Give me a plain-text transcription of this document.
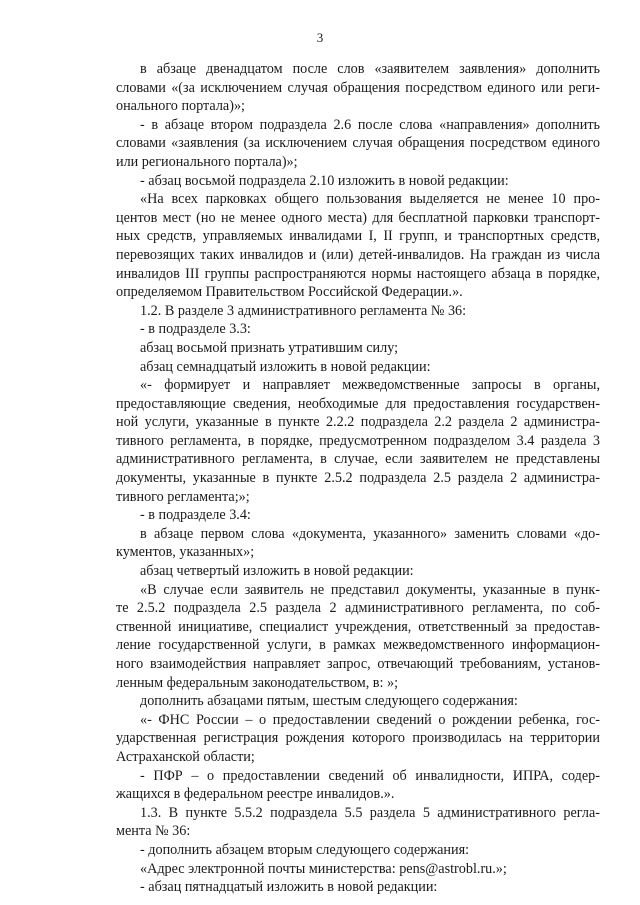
3

в абзаце двенадцатом после слов «заявителем заявления» дополнить
словами «(за исключением случая обращения посредством единого или реги-
онального портала)»;

- в абзаце втором подраздела 2.6 после слова «направления» дополнить
словами «заявления (за исключением случая обращения посредством единого
или регионального портала)»;

- абзац восьмой подраздела 2.10 изложить в новой редакции:

«На всех парковках общего пользования выделяется не менее 10 про-
центов мест (но не менее одного места) для бесплатной парковки транспорт-
ных средств, управляемых инвалидами I, II групп, и транспортных средств,
перевозящих таких инвалидов и (или) детей-инвалидов. На граждан из числа
инвалидов III группы распространяются нормы настоящего абзаца в порядке,
определяемом Правительством Российской Федерации.».

1.2. В разделе 3 административного регламента № 36:

- в подразделе 3.3:

абзац восьмой признать утратившим силу;

абзац семнадцатый изложить в новой редакции:

«- формирует и направляет межведомственные запросы в органы,
предоставляющие сведения, необходимые для предоставления государствен-
ной услуги, указанные в пункте 2.2.2 подраздела 2.2 раздела 2 администра-
тивного регламента, в порядке, предусмотренном подразделом 3.4 раздела 3
административного регламента, в случае, если заявителем не представлены
документы, указанные в пункте 2.5.2 подраздела 2.5 раздела 2 администра-
тивного регламента;»;

- в подразделе 3.4:

в абзаце первом слова «документа, указанного» заменить словами «до-
кументов, указанных»;

абзац четвертый изложить в новой редакции:

«В случае если заявитель не представил документы, указанные в пунк-
те 2.5.2 подраздела 2.5 раздела 2 административного регламента, по соб-
ственной инициативе, специалист учреждения, ответственный за предостав-
ление государственной услуги, в рамках межведомственного информацион-
ного взаимодействия направляет запрос, отвечающий требованиям, установ-
ленным федеральным законодательством, в: »;

дополнить абзацами пятым, шестым следующего содержания:

«- ФНС России – о предоставлении сведений о рождении ребенка, гос-
ударственная регистрация рождения которого производилась на территории
Астраханской области;

- ПФР – о предоставлении сведений об инвалидности, ИПРА, содер-
жащихся в федеральном реестре инвалидов.».

1.3. В пункте 5.5.2 подраздела 5.5 раздела 5 административного регла-
мента № 36:

- дополнить абзацем вторым следующего содержания:

«Адрес электронной почты министерства: pens@astrobl.ru.»;

- абзац пятнадцатый изложить в новой редакции:
